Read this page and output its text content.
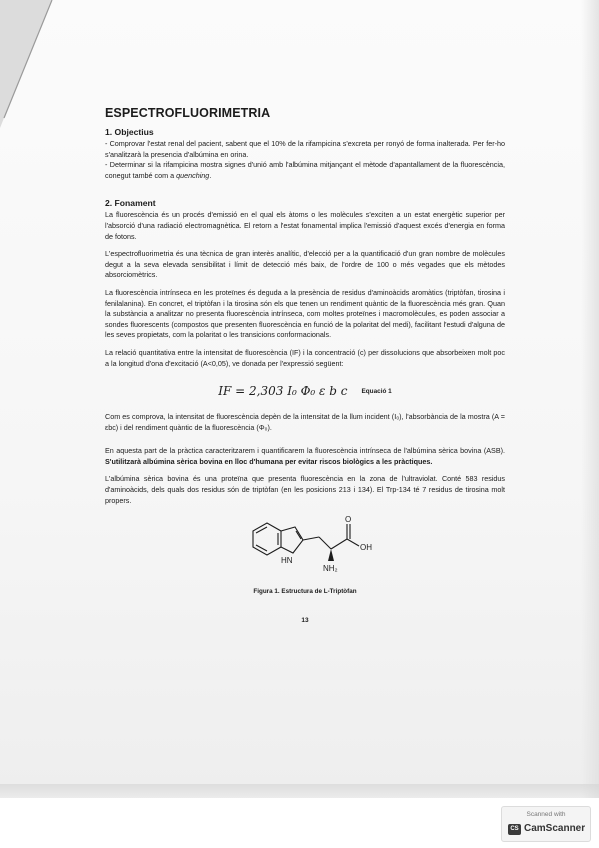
ESPECTROFLUORIMETRIA
1. Objectius

- Comprovar l'estat renal del pacient, sabent que el 10% de la rifampicina s'excreta per ronyó de forma inalterada. Per fer-ho s'analitzarà la presencia d'albúmina en orina.

- Determinar si la rifampicina mostra signes d'unió amb l'albúmina mitjançant el mètode d'apantallament de la fluorescència, conegut també com a quenching.

2. Fonament

La fluorescència és un procés d'emissió en el qual els àtoms o les molècules s'exciten a un estat energètic superior per l'absorció d'una radiació electromagnètica. El retorn a l'estat fonamental implica l'emissió d'aquest excés d'energia en forma de fotons.

L'espectrofluorimetria és una tècnica de gran interès analític, d'elecció per a la quantificació d'un gran nombre de molècules degut a la seva elevada sensibilitat i límit de detecció més baix, de l'ordre de 100 o més vegades que els mètodes absorciomètrics.

La fluorescència intrínseca en les proteïnes és deguda a la presència de residus d'aminoàcids aromàtics (triptòfan, tirosina i fenilalanina). En concret, el triptòfan i la tirosina són els que tenen un rendiment quàntic de la fluorescència més gran. Quan la substància a analitzar no presenta fluorescència intrínseca, com moltes proteïnes i macromolècules, es poden associar a sondes fluorescents (compostos que presenten fluorescència en funció de la polaritat del medi), facilitant l'estudi d'alguna de les seves propietats, com la polaritat o les transicions conformacionals.

La relació quantitativa entre la intensitat de fluorescència (IF) i la concentració (c) per dissolucions que absorbeixen molt poc a la longitud d'ona d'excitació (A<0,05), ve donada per l'expressió següent:

IF = 2,303 I₀ Φ₀ ε b c Equació 1

Com es comprova, la intensitat de fluorescència depèn de la intensitat de la llum incident (I₀), l'absorbància de la mostra (A = εbc) i del rendiment quàntic de la fluorescència (Φ₀).

En aquesta part de la pràctica caracteritzarem i quantificarem la fluorescència intrínseca de l'albúmina sèrica bovina (ASB). S'utilitzarà albúmina sèrica bovina en lloc d'humana per evitar riscos biològics a les pràctiques.

L'albúmina sèrica bovina és una proteïna que presenta fluorescència en la zona de l'ultraviolat. Conté 583 residus d'aminoàcids, dels quals dos residus són de triptòfan (en les posicions 213 i 134). El Trp-134 té 7 residus de tirosina molt propers.

O
OH
HN
NH₂
Figura 1. Estructura de L-Triptòfan
13
Scanned with
CS CamScanner
